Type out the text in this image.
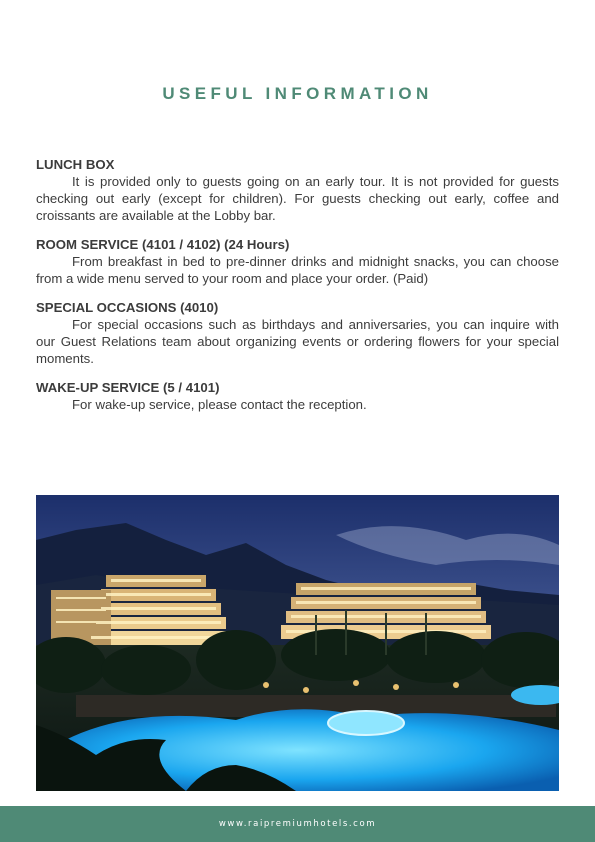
USEFUL INFORMATION
LUNCH BOX
It is provided only to guests going on an early tour. It is not provided for guests checking out early (except for children). For guests checking out early, coffee and croissants are available at the Lobby bar.
ROOM SERVICE (4101 / 4102) (24 Hours)
From breakfast in bed to pre-dinner drinks and midnight snacks, you can choose from a wide menu served to your room and place your order. (Paid)
SPECIAL OCCASIONS (4010)
For special occasions such as birthdays and anniversaries, you can inquire with our Guest Relations team about organizing events or ordering flowers for your special moments.
WAKE-UP SERVICE (5 / 4101)
For wake-up service, please contact the reception.
www.raipremiumhotels.com
